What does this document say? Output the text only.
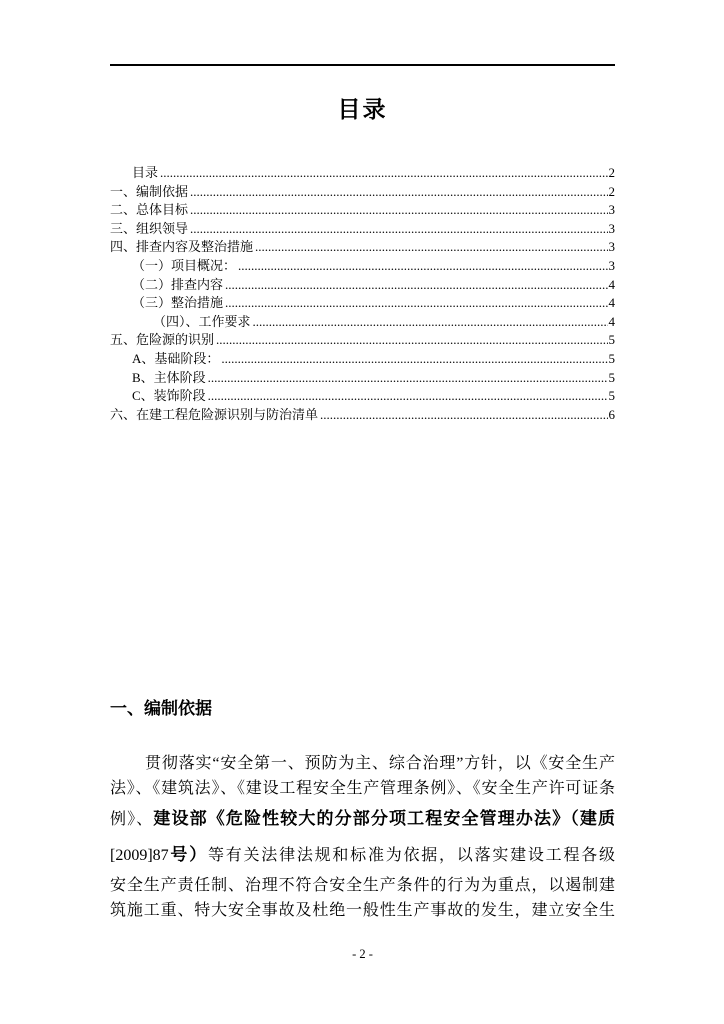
目录
目录 .....	2
一、编制依据 .....	2
二、总体目标 .....	3
三、组织领导 .....	3
四、排查内容及整治措施 .....	3
（一）项目概况： .....	3
（二）排查内容 .....	4
（三）整治措施 .....	4
（四）、工作要求 .....	4
五、危险源的识别 .....	5
A、基础阶段： .....	5
B、主体阶段 .....	5
C、装饰阶段 .....	5
六、在建工程危险源识别与防治清单 .....	6
一、编制依据
贯彻落实“安全第一、预防为主、综合治理”方针，以《安全生产
法》、《建筑法》、《建设工程安全生产管理条例》、《安全生产许可证条
例》、建设部《危险性较大的分部分项工程安全管理办法》（建质
[2009]87号）等有关法律法规和标准为依据，以落实建设工程各级
安全生产责任制、治理不符合安全生产条件的行为为重点，以遏制建
筑施工重、特大安全事故及杜绝一般性生产事故的发生，建立安全生
- 2 -
